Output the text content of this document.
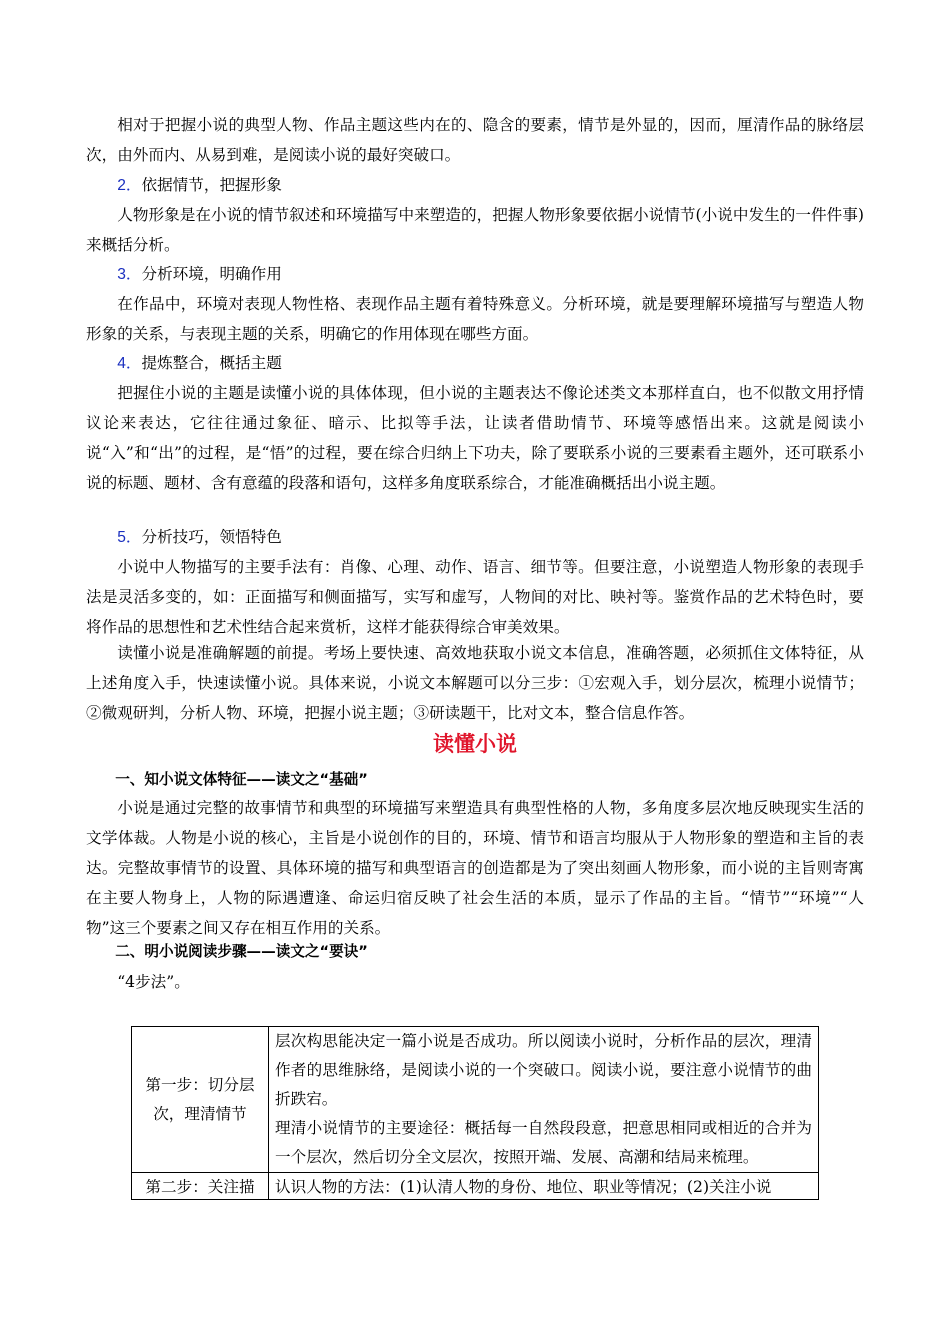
相对于把握小说的典型人物、作品主题这些内在的、隐含的要素，情节是外显的，因而，厘清作品的脉络层次，由外而内、从易到难，是阅读小说的最好突破口。

2．依据情节，把握形象

人物形象是在小说的情节叙述和环境描写中来塑造的，把握人物形象要依据小说情节(小说中发生的一件件事)来概括分析。

3．分析环境，明确作用

在作品中，环境对表现人物性格、表现作品主题有着特殊意义。分析环境，就是要理解环境描写与塑造人物形象的关系，与表现主题的关系，明确它的作用体现在哪些方面。

4．提炼整合，概括主题

把握住小说的主题是读懂小说的具体体现，但小说的主题表达不像论述类文本那样直白，也不似散文用抒情议论来表达，它往往通过象征、暗示、比拟等手法，让读者借助情节、环境等感悟出来。这就是阅读小说“入”和“出”的过程，是“悟”的过程，要在综合归纳上下功夫，除了要联系小说的三要素看主题外，还可联系小说的标题、题材、含有意蕴的段落和语句，这样多角度联系综合，才能准确概括出小说主题。

5．分析技巧，领悟特色

小说中人物描写的主要手法有：肖像、心理、动作、语言、细节等。但要注意，小说塑造人物形象的表现手法是灵活多变的，如：正面描写和侧面描写，实写和虚写，人物间的对比、映衬等。鉴赏作品的艺术特色时，要将作品的思想性和艺术性结合起来赏析，这样才能获得综合审美效果。

读懂小说是准确解题的前提。考场上要快速、高效地获取小说文本信息，准确答题，必须抓住文体特征，从上述角度入手，快速读懂小说。具体来说，小说文本解题可以分三步：①宏观入手，划分层次，梳理小说情节；②微观研判，分析人物、环境，把握小说主题；③研读题干，比对文本，整合信息作答。

读懂小说

一、知小说文体特征——读文之“基础”

小说是通过完整的故事情节和典型的环境描写来塑造具有典型性格的人物，多角度多层次地反映现实生活的文学体裁。人物是小说的核心，主旨是小说创作的目的，环境、情节和语言均服从于人物形象的塑造和主旨的表达。完整故事情节的设置、具体环境的描写和典型语言的创造都是为了突出刻画人物形象，而小说的主旨则寄寓在主要人物身上，人物的际遇遭逢、命运归宿反映了社会生活的本质，显示了作品的主旨。“情节”“环境”“人物”这三个要素之间又存在相互作用的关系。

二、明小说阅读步骤——读文之“要诀”

“4步法”。

第一步：切分层次，理清情节	层次构思能决定一篇小说是否成功。所以阅读小说时，分析作品的层次，理清作者的思维脉络，是阅读小说的一个突破口。阅读小说，要注意小说情节的曲折跌宕。
理清小说情节的主要途径：概括每一自然段段意，把意思相同或相近的合并为一个层次，然后切分全文层次，按照开端、发展、高潮和结局来梳理。

第二步：关注描	认识人物的方法：(1)认清人物的身份、地位、职业等情况；(2)关注小说
